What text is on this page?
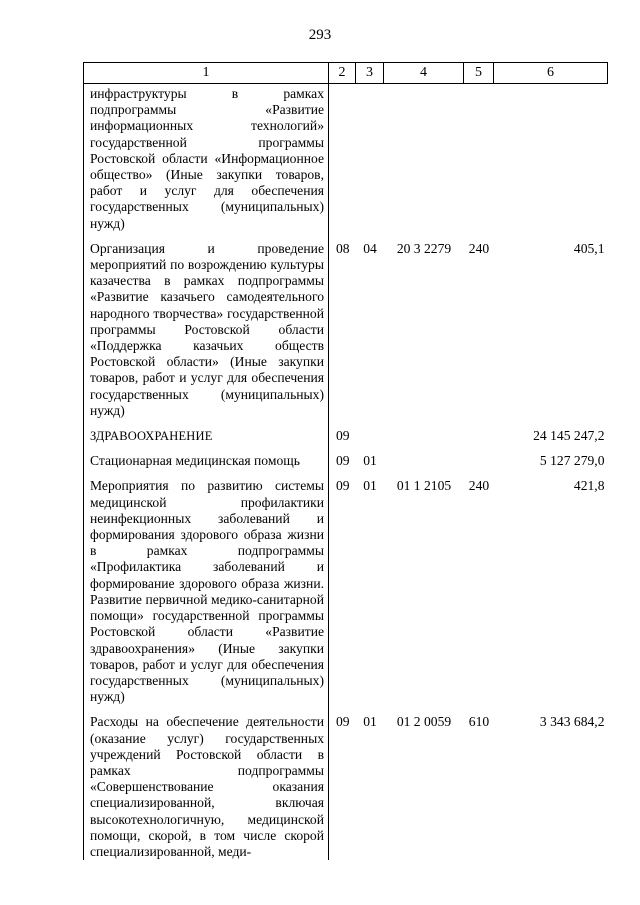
293
1	2	3	4	5	6
инфраструктуры в рамках подпрограммы «Развитие информационных технологий» государственной программы Ростовской области «Информационное общество» (Иные закупки товаров, работ и услуг для обеспечения государственных (муниципальных) нужд)					
Организация и проведение мероприятий по возрождению культуры казачества в рамках подпрограммы «Развитие казачьего самодеятельного народного творчества» государственной программы Ростовской области «Поддержка казачьих обществ Ростовской области» (Иные закупки товаров, работ и услуг для обеспечения государственных (муниципальных) нужд)	08	04	20 3 2279	240	405,1
ЗДРАВООХРАНЕНИЕ	09				24 145 247,2
Стационарная медицинская помощь	09	01			5 127 279,0
Мероприятия по развитию системы медицинской профилактики неинфекционных заболеваний и формирования здорового образа жизни в рамках подпрограммы «Профилактика заболеваний и формирование здорового образа жизни. Развитие первичной медико-санитарной помощи» государственной программы Ростовской области «Развитие здравоохранения» (Иные закупки товаров, работ и услуг для обеспечения государственных (муниципальных) нужд)	09	01	01 1 2105	240	421,8
Расходы на обеспечение деятельности (оказание услуг) государственных учреждений Ростовской области в рамках подпрограммы «Совершенствование оказания специализированной, включая высокотехнологичную, медицинской помощи, скорой, в том числе скорой специализированной, меди-	09	01	01 2 0059	610	3 343 684,2
